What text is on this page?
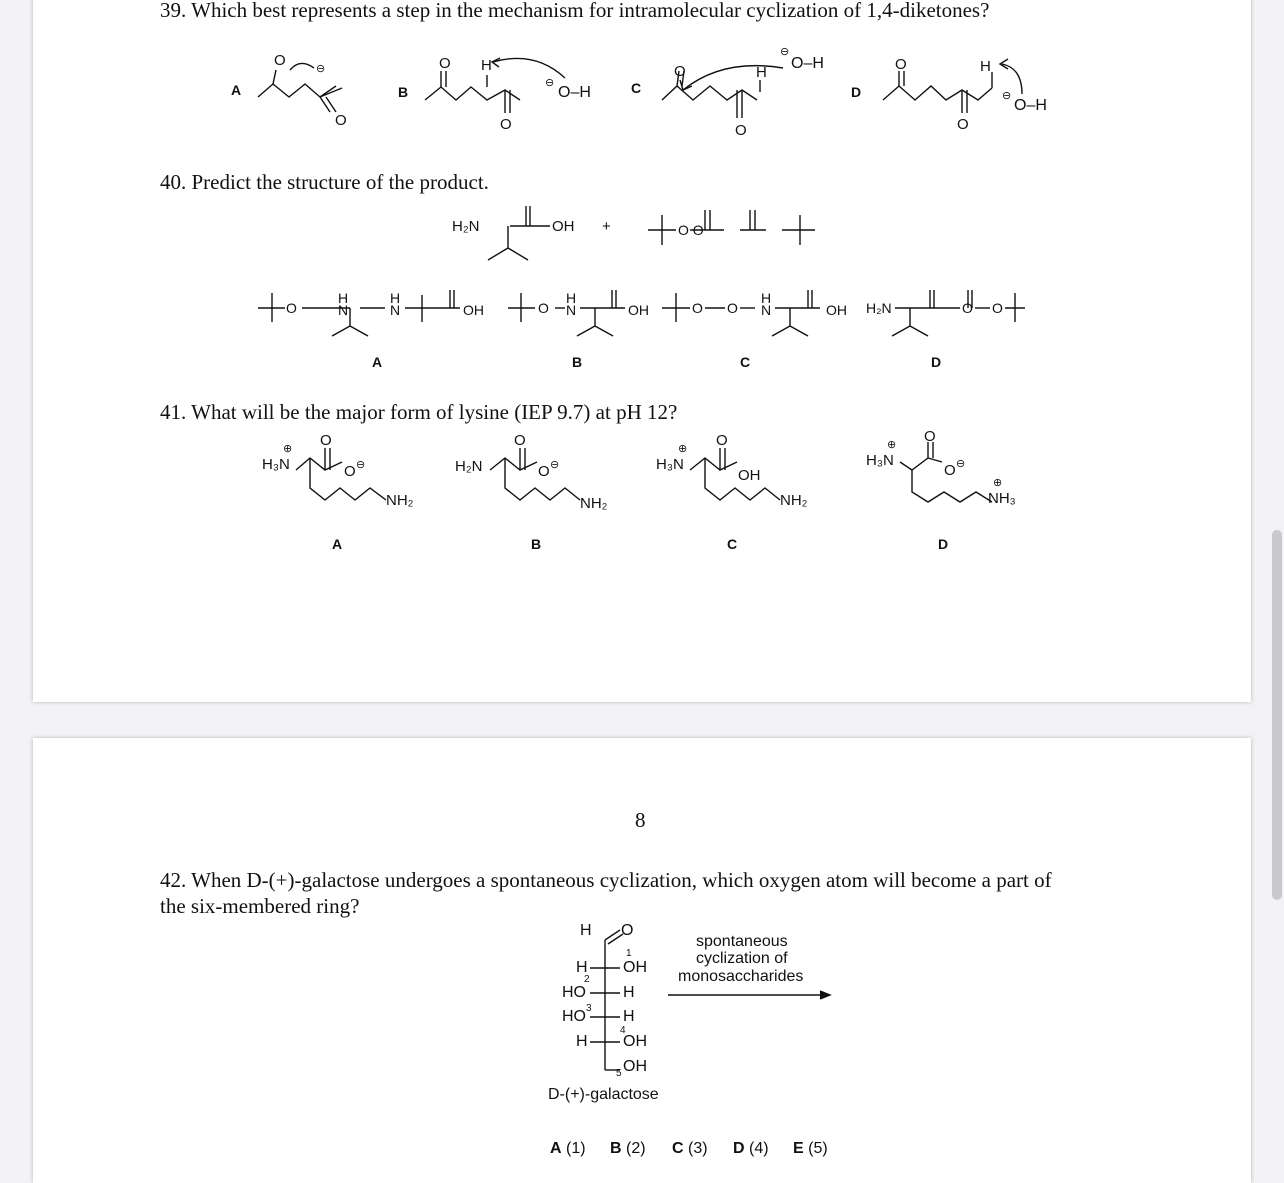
39. Which best represents a step in the mechanism for intramolecular cyclization of 1,4-diketones?
A	B	C	D
O	⊖
O
O H
O
⊖
O–H
O	H
O
⊖
O–H	O
O
H
⊖
O–H
40. Predict the structure of the product.
H₂N	OH +	O O
O
H
N
H
N	OH	O
H
N	OH	O O
H
N	OH H₂N	O O
A	B	C	D
41. What will be the major form of lysine (IEP 9.7) at pH 12?
⊕
H₃N
O
O ⊖
NH₂
H₂N
O
O ⊖
NH₂
⊕
H₃N
O
OH
NH₂
⊕
H₃N
O
O ⊖
⊕
NH₃
A	B	C	D
8
42. When D-(+)-galactose undergoes a spontaneous cyclization, which oxygen atom will become a part of
the six-membered ring?
H O
H OH
1
HO H
2
HO H
3
H OH
4
OH
5
D-(+)-galactose
spontaneous
cyclization of
monosaccharides
A (1) B (2) C (3) D (4) E (5)
